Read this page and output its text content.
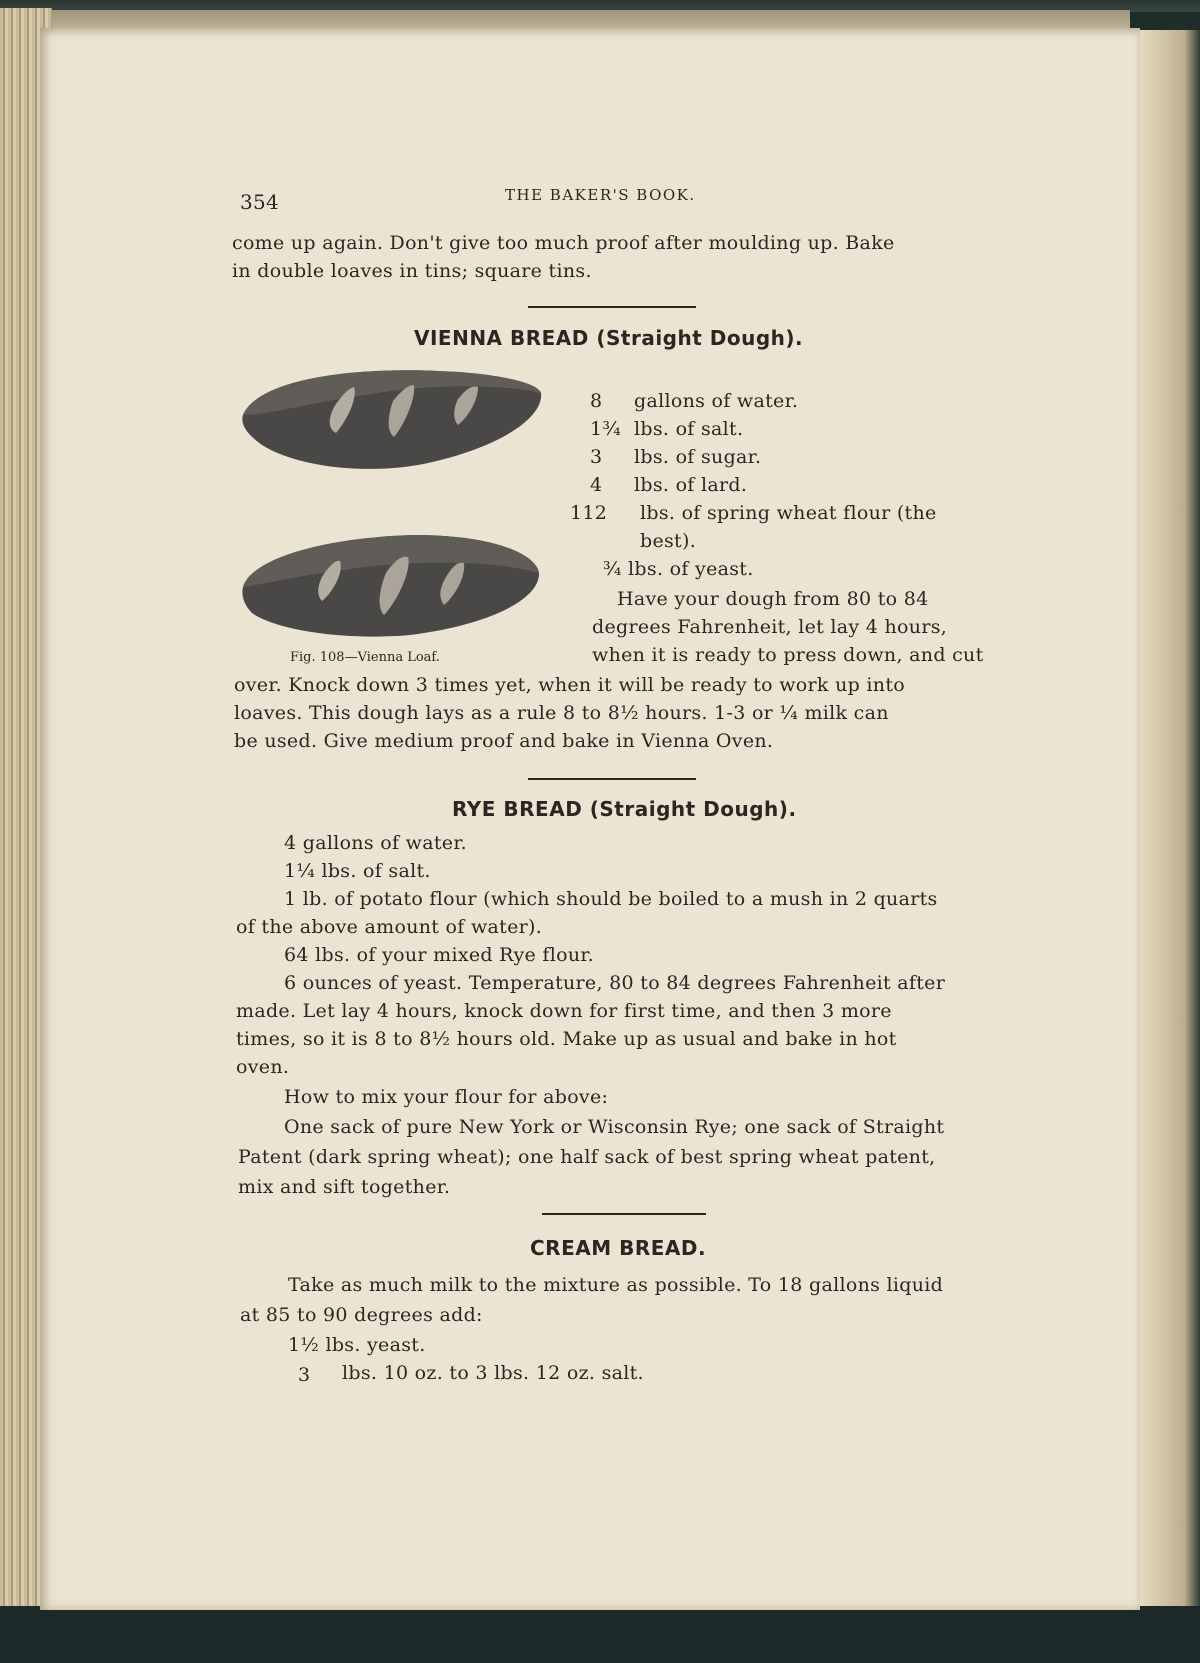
354	THE BAKER'S BOOK.
come up again. Don't give too much proof after moulding up. Bake
in double loaves in tins; square tins.
VIENNA BREAD (Straight Dough).
Fig. 108—Vienna Loaf.
8 gallons of water.
1¾ lbs. of salt.
3 lbs. of sugar.
4 lbs. of lard.
112 lbs. of spring wheat flour (the
best).
¾ lbs. of yeast.
Have your dough from 80 to 84
degrees Fahrenheit, let lay 4 hours,
when it is ready to press down, and cut
over. Knock down 3 times yet, when it will be ready to work up into
loaves. This dough lays as a rule 8 to 8½ hours. 1-3 or ¼ milk can
be used. Give medium proof and bake in Vienna Oven.
RYE BREAD (Straight Dough).
4 gallons of water.
1¼ lbs. of salt.
1 lb. of potato flour (which should be boiled to a mush in 2 quarts
of the above amount of water).
64 lbs. of your mixed Rye flour.
6 ounces of yeast. Temperature, 80 to 84 degrees Fahrenheit after
made. Let lay 4 hours, knock down for first time, and then 3 more
times, so it is 8 to 8½ hours old. Make up as usual and bake in hot
oven.
How to mix your flour for above:
One sack of pure New York or Wisconsin Rye; one sack of Straight
Patent (dark spring wheat); one half sack of best spring wheat patent,
mix and sift together.
CREAM BREAD.
Take as much milk to the mixture as possible. To 18 gallons liquid
at 85 to 90 degrees add:
1½ lbs. yeast.
3 lbs. 10 oz. to 3 lbs. 12 oz. salt.
